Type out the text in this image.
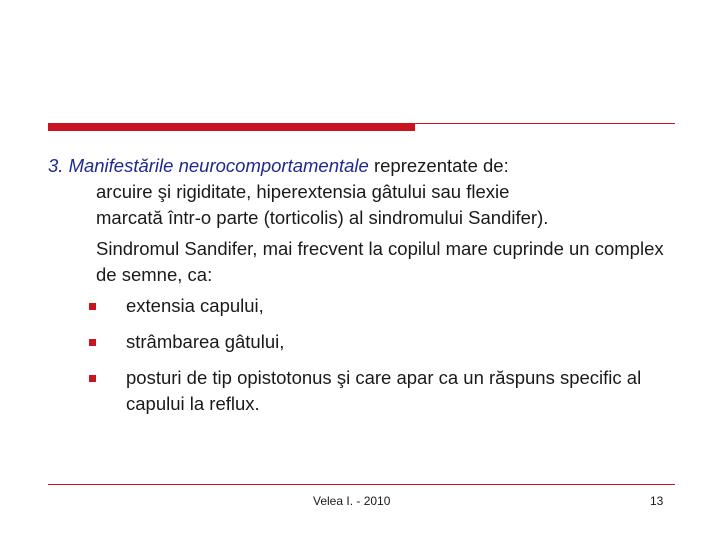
3. Manifestările neurocomportamentale reprezentate de:
arcuire şi rigiditate, hiperextensia gâtului sau flexie
marcată într-o parte (torticolis) al sindromului Sandifer).

Sindromul Sandifer, mai frecvent la copilul mare cuprinde un complex de semne, ca:

extensia capului,
strâmbarea gâtului,
posturi de tip opistotonus şi care apar ca un răspuns specific al capului la reflux.
Velea I. - 2010	13
